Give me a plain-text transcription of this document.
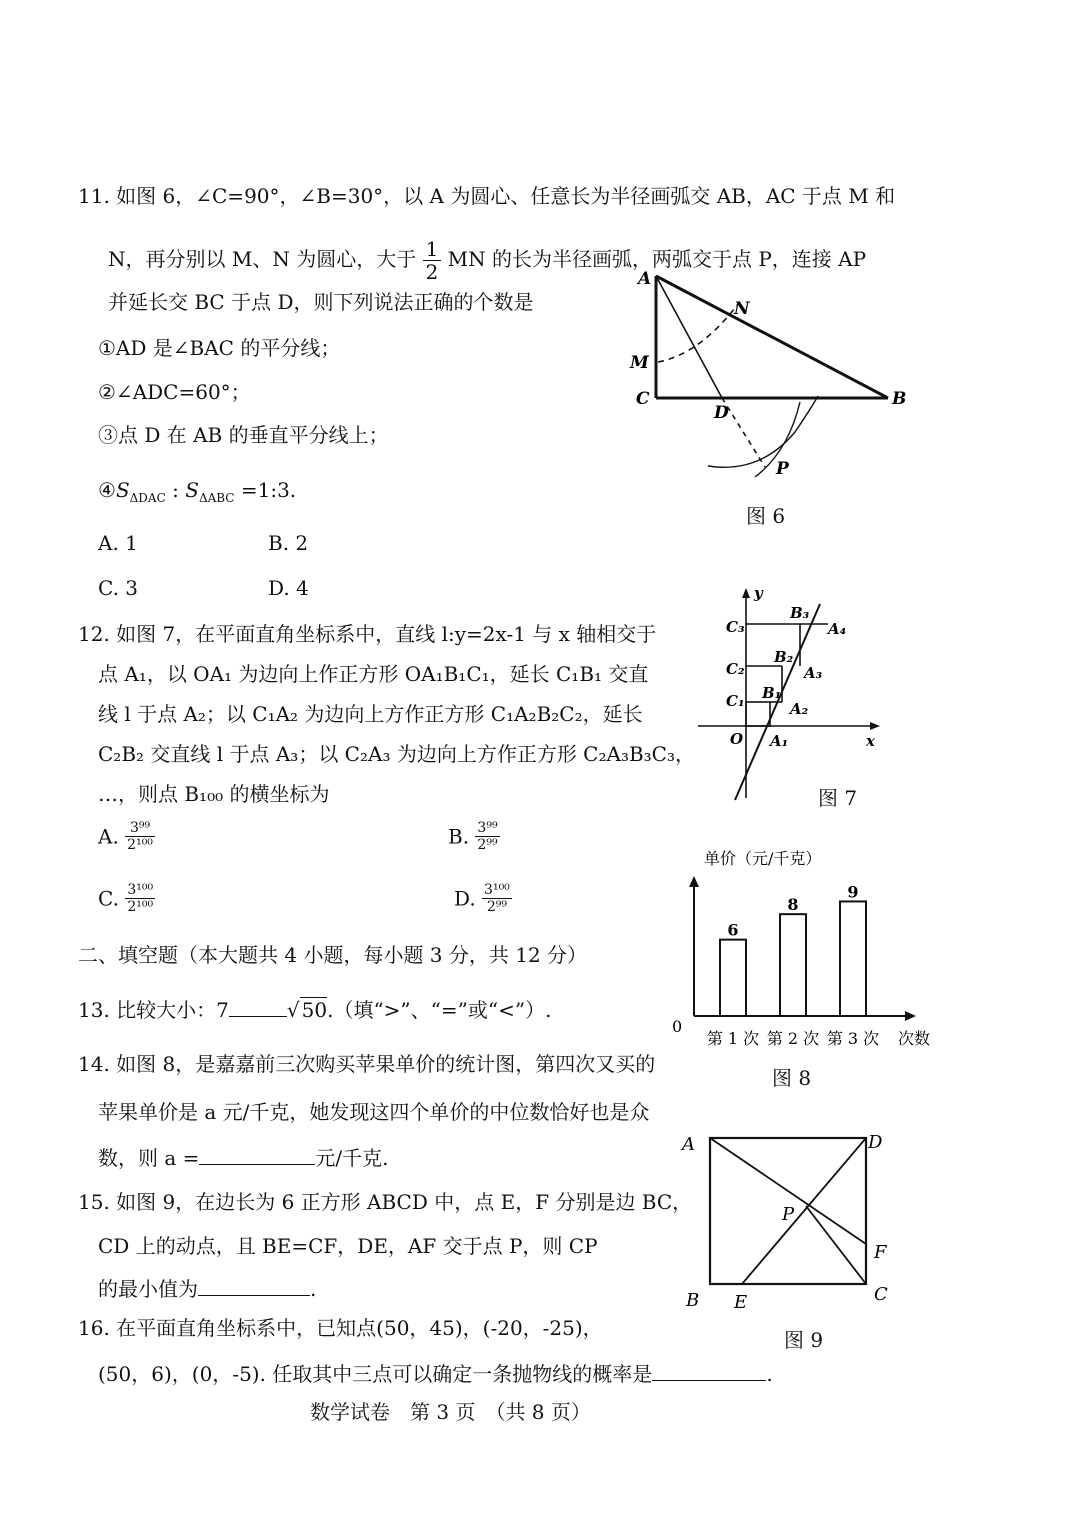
11. 如图 6，∠C=90°，∠B=30°，以 A 为圆心、任意长为半径画弧交 AB，AC 于点 M 和
N，再分别以 M、N 为圆心，大于 $\frac{1}{2}$ MN 的长为半径画弧，两弧交于点 P，连接 AP
并延长交 BC 于点 D，则下列说法正确的个数是
①AD 是∠BAC 的平分线；
②∠ADC=60°；
③点 D 在 AB 的垂直平分线上；
$④S_{\Delta DAC}$ : $S_{\Delta ABC}$ =1:3.
A. 1	B. 2
C. 3	D. 4
A
N
M
C	B
D
P
图 6
12. 如图 7，在平面直角坐标系中，直线 l:y=2x-1 与 x 轴相交于
点 A₁，以 OA₁ 为边向上作正方形 OA₁B₁C₁，延长 C₁B₁ 交直
线 l 于点 A₂；以 C₁A₂ 为边向上方作正方形 C₁A₂B₂C₂，延长
C₂B₂ 交直线 l 于点 A₃；以 C₂A₃ 为边向上方作正方形 C₂A₃B₃C₃，
…，则点 B₁₀₀ 的横坐标为
A. $\frac{\text{3⁹⁹}}{\text{2¹⁰⁰}}$	B. $\frac{\text{3⁹⁹}}{\text{2⁹⁹}}$
C. $\frac{\text{3¹⁰⁰}}{\text{2¹⁰⁰}}$	D. $\frac{\text{3¹⁰⁰}}{\text{2⁹⁹}}$
O	x
y
C₁
C₂
C₃
B₁
B₂
B₃
A₁
A₂
A₃
A₄
图 7
二、填空题（本大题共 4 小题，每小题 3 分，共 12 分）
13. 比较大小：7	√ 50.（填“>”、“=”或“<”）.
14. 如图 8，是嘉嘉前三次购买苹果单价的统计图，第四次又买的
苹果单价是 a 元/千克，她发现这四个单价的中位数恰好也是众
数，则 a =	元/千克.
单价（元/千克）
0
次数
6
第 1 次
8
第 2 次
9
第 3 次
图 8
15. 如图 9，在边长为 6 正方形 ABCD 中，点 E，F 分别是边 BC，
CD 上的动点，且 BE=CF，DE，AF 交于点 P，则 CP
的最小值为	.
A	D
P
F
B E	C
图 9
16. 在平面直角坐标系中，已知点(50，45)，(-20，-25)，
(50，6)，(0，-5). 任取其中三点可以确定一条抛物线的概率是	.
数学试卷　第 3 页　（共 8 页）
